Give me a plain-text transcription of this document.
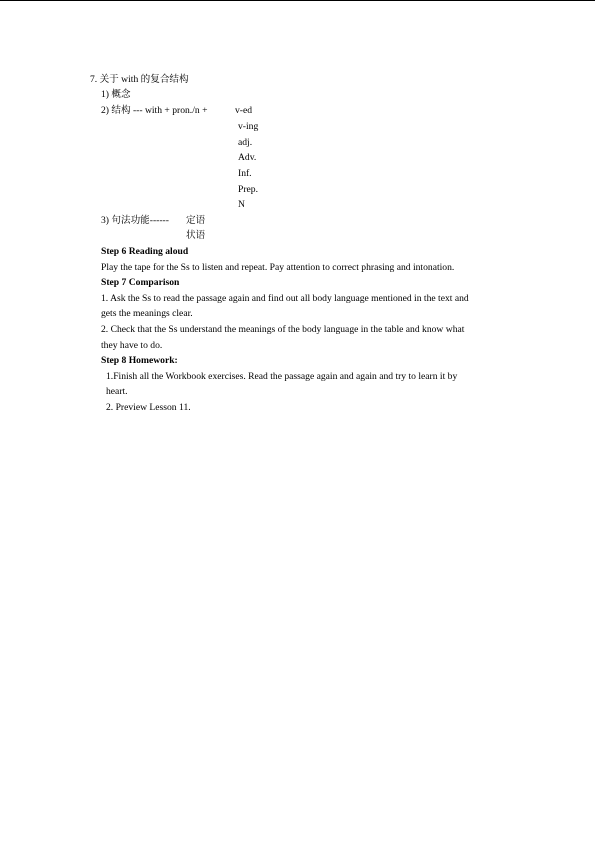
7. 关于 with 的复合结构
1) 概念
2) 结构 --- with + pron./n +	v-ed
v-ing
adj.
Adv.
Inf.
Prep.
N
3) 句法功能------ 定语
状语
Step 6 Reading aloud
Play the tape for the Ss to listen and repeat. Pay attention to correct phrasing and intonation.
Step 7 Comparison
1. Ask the Ss to read the passage again and find out all body language mentioned in the text and
gets the meanings clear.
2. Check that the Ss understand the meanings of the body language in the table and know what
they have to do.
Step 8 Homework:
1.Finish all the Workbook exercises. Read the passage again and again and try to learn it by
heart.
2. Preview Lesson 11.
